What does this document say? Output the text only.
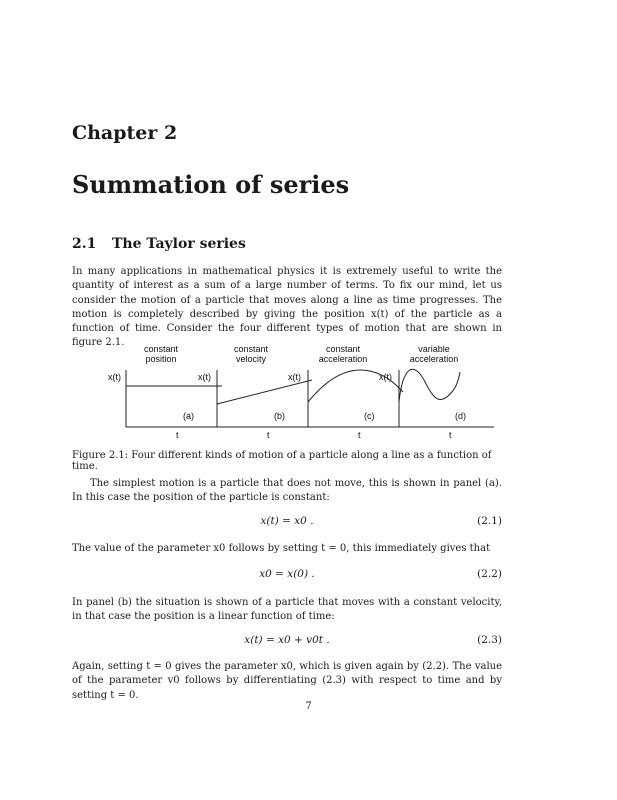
Chapter 2
Summation of series
2.1 The Taylor series

In many applications in mathematical physics it is extremely useful to write the quantity of interest as a sum of a large number of terms. To fix our mind, let us consider the motion of a particle that moves along a line as time progresses. The motion is completely described by giving the position x(t) of the particle as a function of time. Consider the four different types of motion that are shown in figure 2.1.

constant
position
x(t)
(a)
t
constant
velocity
x(t)
(b)
t
constant
acceleration
x(t)
(c)
t
variable
acceleration
x(t)
(d)
t

Figure 2.1: Four different kinds of motion of a particle along a line as a function of time.

The simplest motion is a particle that does not move, this is shown in panel (a). In this case the position of the particle is constant:

x(t) = x0 .	(2.1)

The value of the parameter x0 follows by setting t = 0, this immediately gives that

x0 = x(0) .	(2.2)

In panel (b) the situation is shown of a particle that moves with a constant velocity, in that case the position is a linear function of time:

x(t) = x0 + v0t .	(2.3)

Again, setting t = 0 gives the parameter x0, which is given again by (2.2). The value of the parameter v0 follows by differentiating (2.3) with respect to time and by setting t = 0.

7
